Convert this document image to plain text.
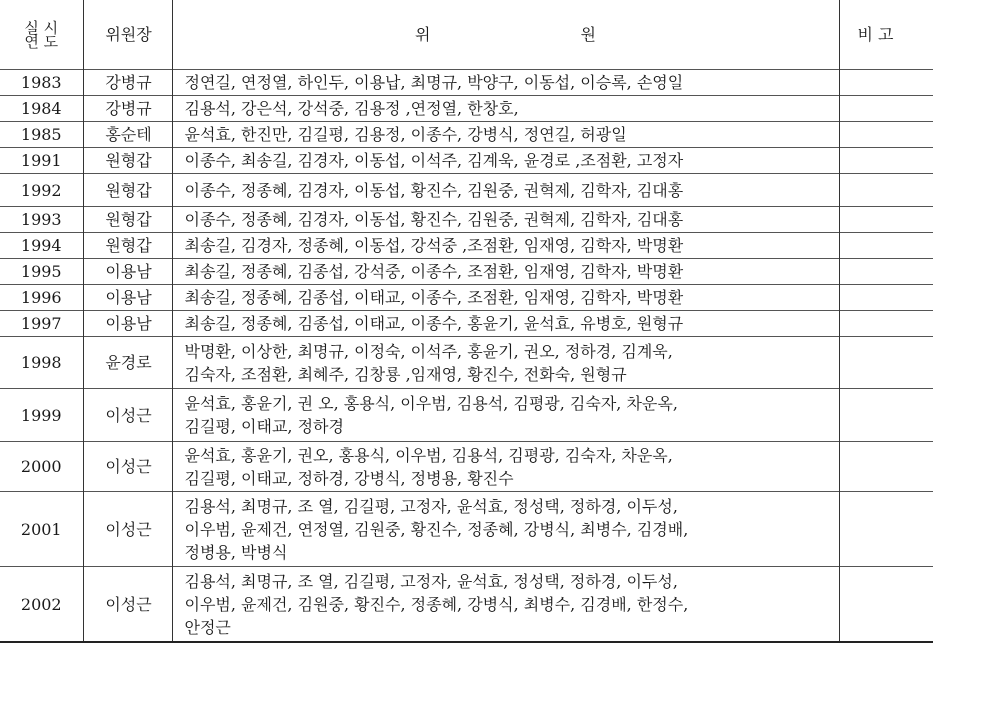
실 시
연 도	위원장	위 원	비 고
1983	강병규	정연길, 연정열, 하인두, 이용납, 최명규, 박양구, 이동섭, 이승록, 손영일	
1984	강병규	김용석, 강은석, 강석중, 김용정 ,연정열, 한창호,	
1985	홍순테	윤석효, 한진만, 김길평, 김용정, 이종수, 강병식, 정연길, 허광일	
1991	원형갑	이종수, 최송길, 김경자, 이동섭, 이석주, 김계욱, 윤경로 ,조점환, 고정자	
1992	원형갑	이종수, 정종혜, 김경자, 이동섭, 황진수, 김원중, 권혁제, 김학자, 김대홍	
1993	원형갑	이종수, 정종혜, 김경자, 이동섭, 황진수, 김원중, 권혁제, 김학자, 김대홍	
1994	원형갑	최송길, 김경자, 정종혜, 이동섭, 강석중 ,조점환, 임재영, 김학자, 박명환	
1995	이용남	최송길, 정종혜, 김종섭, 강석중, 이종수, 조점환, 임재영, 김학자, 박명환	
1996	이용남	최송길, 정종혜, 김종섭, 이태교, 이종수, 조점환, 임재영, 김학자, 박명환	
1997	이용남	최송길, 정종혜, 김종섭, 이태교, 이종수, 홍윤기, 윤석효, 유병호, 원형규	
1998	윤경로	박명환, 이상한, 최명규, 이정숙, 이석주, 홍윤기, 권오, 정하경, 김계욱,
김숙자, 조점환, 최혜주, 김창룡 ,임재영, 황진수, 전화숙, 원형규	
1999	이성근	윤석효, 홍윤기, 권 오, 홍용식, 이우범, 김용석, 김평광, 김숙자, 차운옥,
김길평, 이태교, 정하경	
2000	이성근	윤석효, 홍윤기, 권오, 홍용식, 이우범, 김용석, 김평광, 김숙자, 차운옥,
김길평, 이태교, 정하경, 강병식, 정병용, 황진수	
2001	이성근	김용석, 최명규, 조 열, 김길평, 고정자, 윤석효, 정성택, 정하경, 이두성,
이우범, 윤제건, 연정열, 김원중, 황진수, 정종혜, 강병식, 최병수, 김경배,
정병용, 박병식	
2002	이성근	김용석, 최명규, 조 열, 김길평, 고정자, 윤석효, 정성택, 정하경, 이두성,
이우범, 윤제건, 김원중, 황진수, 정종혜, 강병식, 최병수, 김경배, 한정수,
안정근	
